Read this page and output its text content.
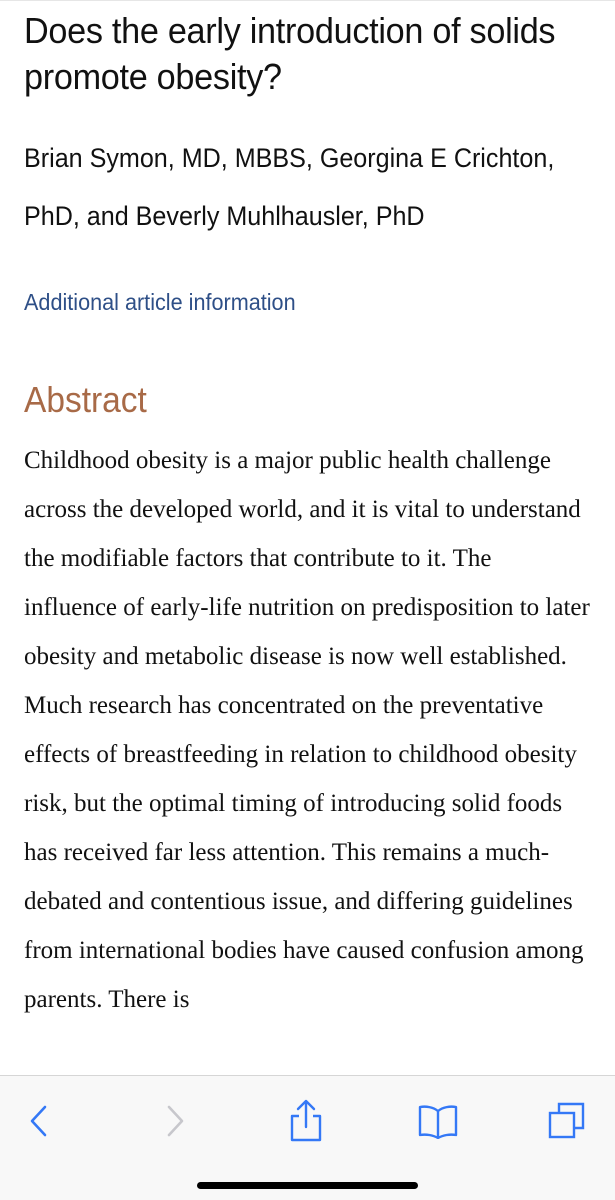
Does the early introduction of solids promote obesity?
Brian Symon, MD, MBBS, Georgina E Crichton, PhD, and Beverly Muhlhausler, PhD
Additional article information
Abstract

Childhood obesity is a major public health challenge across the developed world, and it is vital to understand the modifiable factors that contribute to it. The influence of early-life nutrition on predisposition to later obesity and metabolic disease is now well established. Much research has concentrated on the preventative effects of breastfeeding in relation to childhood obesity risk, but the optimal timing of introducing solid foods has received far less attention. This remains a much-debated and contentious issue, and differing guidelines from international bodies have caused confusion among parents. There is
